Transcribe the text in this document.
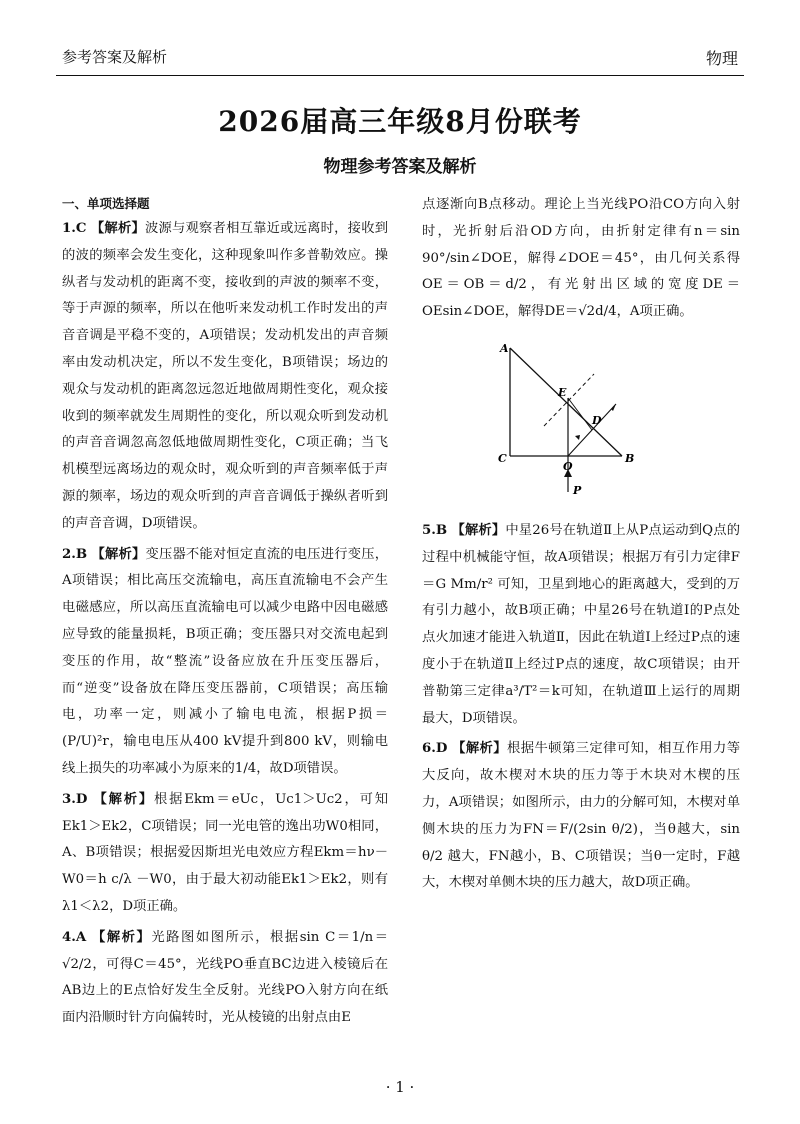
参考答案及解析	物理
2026届高三年级8月份联考
物理参考答案及解析
一、单项选择题

1.C 【解析】波源与观察者相互靠近或远离时，接收到的波的频率会发生变化，这种现象叫作多普勒效应。操纵者与发动机的距离不变，接收到的声波的频率不变，等于声源的频率，所以在他听来发动机工作时发出的声音音调是平稳不变的，A项错误；发动机发出的声音频率由发动机决定，所以不发生变化，B项错误；场边的观众与发动机的距离忽远忽近地做周期性变化，观众接收到的频率就发生周期性的变化，所以观众听到发动机的声音音调忽高忽低地做周期性变化，C项正确；当飞机模型远离场边的观众时，观众听到的声音频率低于声源的频率，场边的观众听到的声音音调低于操纵者听到的声音音调，D项错误。

2.B 【解析】变压器不能对恒定直流的电压进行变压，A项错误；相比高压交流输电，高压直流输电不会产生电磁感应，所以高压直流输电可以减少电路中因电磁感应导致的能量损耗，B项正确；变压器只对交流电起到变压的作用，故“整流”设备应放在升压变压器后，而“逆变”设备放在降压变压器前，C项错误；高压输电，功率一定，则减小了输电电流，根据P损＝(P/U)²r，输电电压从400 kV提升到800 kV，则输电线上损失的功率减小为原来的1/4，故D项错误。

3.D 【解析】根据Ekm＝eUc，Uc1＞Uc2，可知Ek1＞Ek2，C项错误；同一光电管的逸出功W0相同，A、B项错误；根据爱因斯坦光电效应方程Ekm＝hν－W0＝h c/λ －W0，由于最大初动能Ek1＞Ek2，则有λ1＜λ2，D项正确。

4.A 【解析】光路图如图所示，根据sin C＝1/n＝√2/2，可得C＝45°，光线PO垂直BC边进入棱镜后在AB边上的E点恰好发生全反射。光线PO入射方向在纸面内沿顺时针方向偏转时，光从棱镜的出射点由E

点逐渐向B点移动。理论上当光线PO沿CO方向入射时，光折射后沿OD方向，由折射定律有n＝sin 90°/sin∠DOE，解得∠DOE＝45°，由几何关系得OE＝OB＝d/2，有光射出区域的宽度DE＝OEsin∠DOE，解得DE＝√2d/4，A项正确。

A
C	B
E
D
O
P

5.B 【解析】中星26号在轨道Ⅱ上从P点运动到Q点的过程中机械能守恒，故A项错误；根据万有引力定律F＝G Mm/r² 可知，卫星到地心的距离越大，受到的万有引力越小，故B项正确；中星26号在轨道Ⅰ的P点处点火加速才能进入轨道Ⅱ，因此在轨道Ⅰ上经过P点的速度小于在轨道Ⅱ上经过P点的速度，故C项错误；由开普勒第三定律a³/T²＝k可知，在轨道Ⅲ上运行的周期最大，D项错误。

6.D 【解析】根据牛顿第三定律可知，相互作用力等大反向，故木楔对木块的压力等于木块对木楔的压力，A项错误；如图所示，由力的分解可知，木楔对单侧木块的压力为FN＝F/(2sin θ/2)，当θ越大，sin θ/2 越大，FN越小，B、C项错误；当θ一定时，F越大，木楔对单侧木块的压力越大，故D项正确。

· 1 ·
